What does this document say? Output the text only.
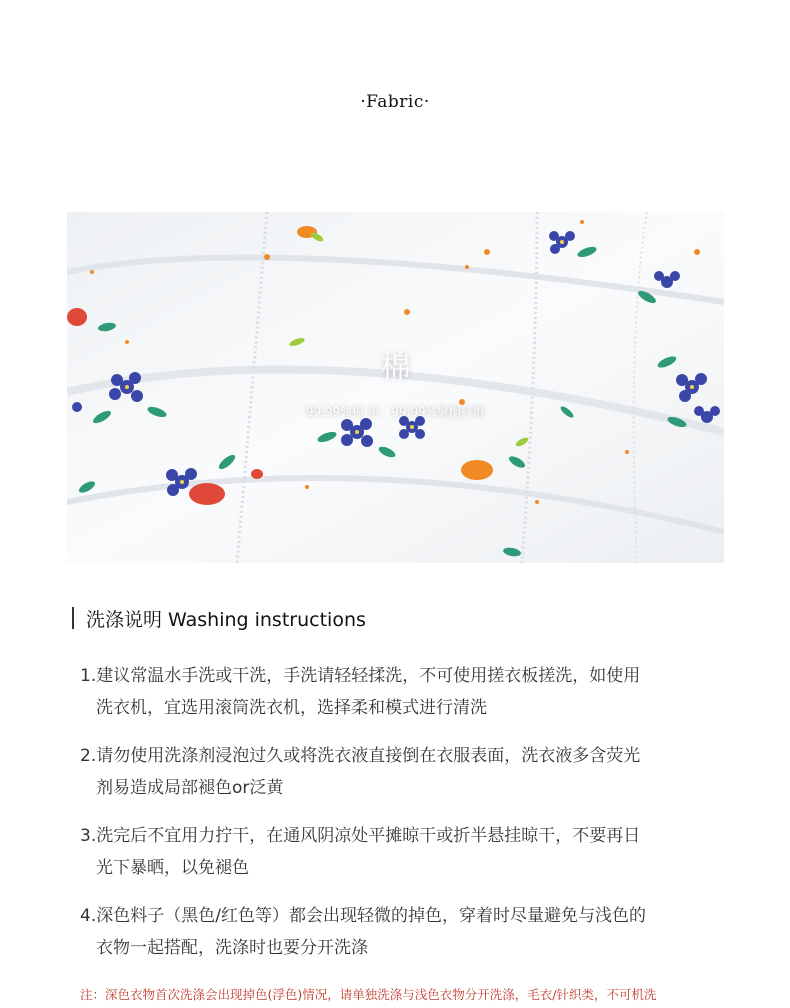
·Fabric·
棉
99.99%棉 里：99.99%聚酯纤维
洗涤说明 Washing instructions
1.建议常温水手洗或干洗，手洗请轻轻揉洗，不可使用搓衣板搓洗，如使用
洗衣机，宜选用滚筒洗衣机，选择柔和模式进行清洗
2.请勿使用洗涤剂浸泡过久或将洗衣液直接倒在衣服表面，洗衣液多含荧光
剂易造成局部褪色or泛黄
3.洗完后不宜用力拧干，在通风阴凉处平摊晾干或折半悬挂晾干，不要再日
光下暴晒，以免褪色
4.深色料子（黑色/红色等）都会出现轻微的掉色，穿着时尽量避免与浅色的
衣物一起搭配，洗涤时也要分开洗涤
注：深色衣物首次洗涤会出现掉色(浮色)情况，请单独洗涤与浅色衣物分开洗涤，毛衣/针织类，不可机洗
